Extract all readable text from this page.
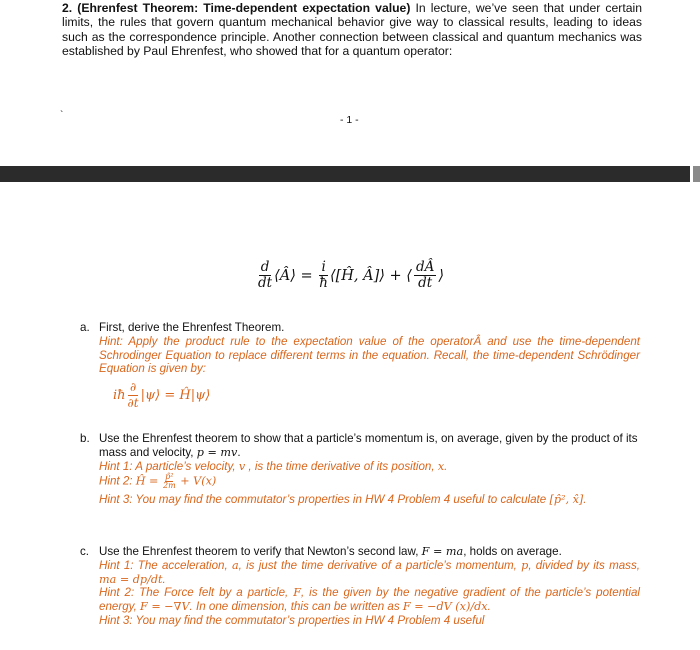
2. (Ehrenfest Theorem: Time-dependent expectation value) In lecture, we’ve seen that under certain limits, the rules that govern quantum mechanical behavior give way to classical results, leading to ideas such as the correspondence principle. Another connection between classical and quantum mechanics was established by Paul Ehrenfest, who showed that for a quantum operator:
`	- 1 -
$\frac{d}{dt}$ ⟨Â⟩ = $\frac{i}{ħ}$ ⟨[Ĥ, Â]⟩ + ⟨ $\frac{dÂ}{dt}$ ⟩
a. First, derive the Ehrenfest Theorem.
Hint: Apply the product rule to the expectation value of the operatorÂ and use the time-dependent Schrodinger Equation to replace different terms in the equation. Recall, the time-dependent Schrödinger Equation is given by:
iħ $\frac{\partial}{\partial t}$ |ψ⟩ = Ĥ|ψ⟩
b. Use the Ehrenfest theorem to show that a particle’s momentum is, on average, given by the product of its mass and velocity, p = mv.
Hint 1: A particle’s velocity, v , is the time derivative of its position, x.
Hint 2: Ĥ = $\frac{\text{p̂²}}{2m} + V(x)$
Hint 3: You may find the commutator’s properties in HW 4 Problem 4 useful to calculate [p̂², x̂].
c. Use the Ehrenfest theorem to verify that Newton’s second law, F = ma, holds on average.
Hint 1: The acceleration, a, is just the time derivative of a particle’s momentum, p, divided by its mass, ma = dp/dt.
Hint 2: The Force felt by a particle, F, is the given by the negative gradient of the particle’s potential energy, F = −∇V. In one dimension, this can be written as F = −dV (x)/dx.
Hint 3: You may find the commutator’s properties in HW 4 Problem 4 useful
